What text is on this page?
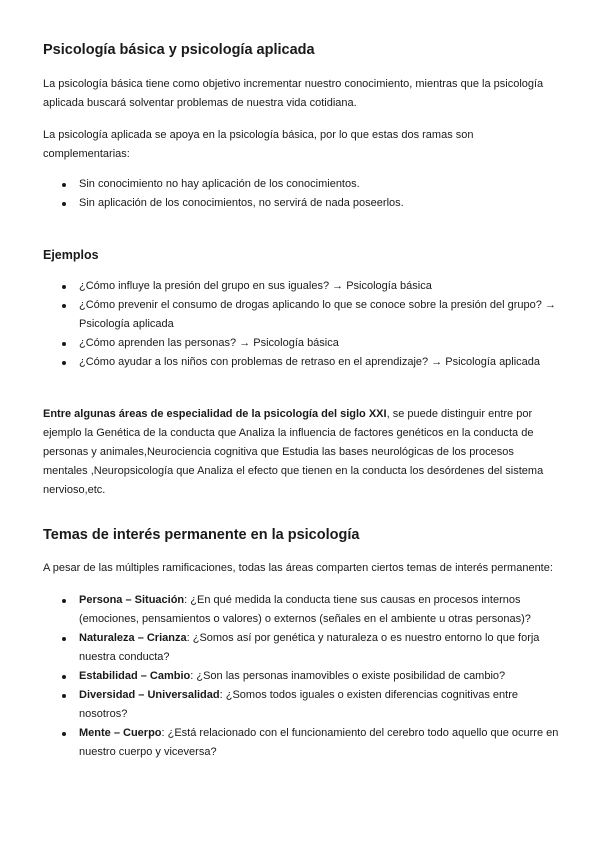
Psicología básica y psicología aplicada

La psicología básica tiene como objetivo incrementar nuestro conocimiento, mientras que la psicología aplicada buscará solventar problemas de nuestra vida cotidiana.

La psicología aplicada se apoya en la psicología básica, por lo que estas dos ramas son complementarias:

Sin conocimiento no hay aplicación de los conocimientos.
Sin aplicación de los conocimientos, no servirá de nada poseerlos.
Ejemplos
¿Cómo influye la presión del grupo en sus iguales? → Psicología básica
¿Cómo prevenir el consumo de drogas aplicando lo que se conoce sobre la presión del grupo? → Psicología aplicada
¿Cómo aprenden las personas? → Psicología básica
¿Cómo ayudar a los niños con problemas de retraso en el aprendizaje? → Psicología aplicada

Entre algunas áreas de especialidad de la psicología del siglo XXI, se puede distinguir entre por ejemplo la Genética de la conducta que Analiza la influencia de factores genéticos en la conducta de personas y animales,Neurociencia cognitiva que Estudia las bases neurológicas de los procesos mentales ,Neuropsicología que Analiza el efecto que tienen en la conducta los desórdenes del sistema nervioso,etc.

Temas de interés permanente en la psicología

A pesar de las múltiples ramificaciones, todas las áreas comparten ciertos temas de interés permanente:

Persona – Situación: ¿En qué medida la conducta tiene sus causas en procesos internos (emociones, pensamientos o valores) o externos (señales en el ambiente u otras personas)?
Naturaleza – Crianza: ¿Somos así por genética y naturaleza o es nuestro entorno lo que forja nuestra conducta?
Estabilidad – Cambio: ¿Son las personas inamovibles o existe posibilidad de cambio?
Diversidad – Universalidad: ¿Somos todos iguales o existen diferencias cognitivas entre nosotros?
Mente – Cuerpo: ¿Está relacionado con el funcionamiento del cerebro todo aquello que ocurre en nuestro cuerpo y viceversa?
